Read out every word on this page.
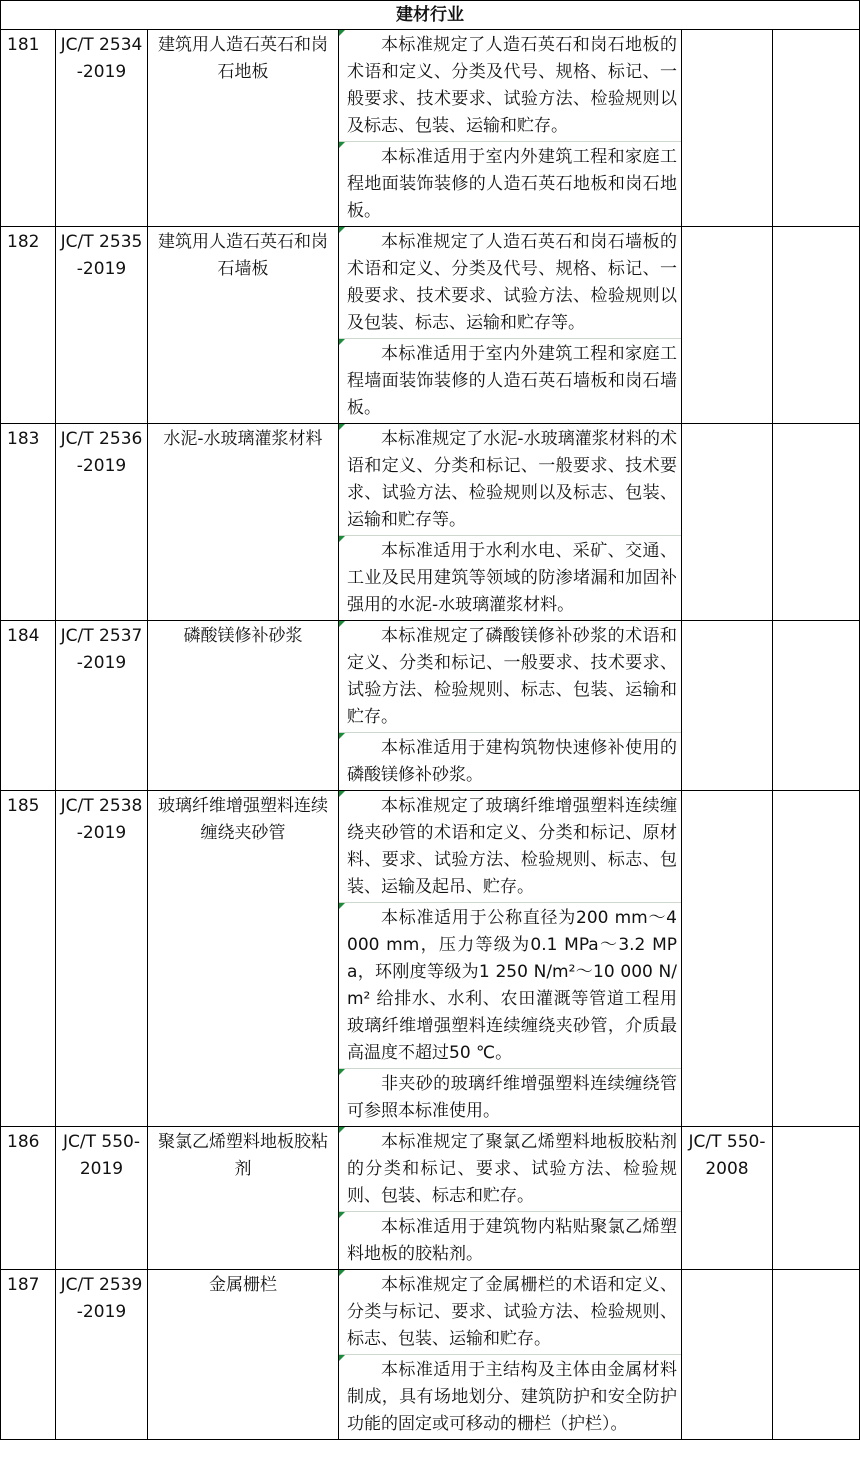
建材行业					
181	JC/T 2534-2019	建筑用人造石英石和岗石地板	本标准规定了人造石英石和岗石地板的术语和定义、分类及代号、规格、标记、一般要求、技术要求、试验方法、检验规则以及标志、包装、运输和贮存。
本标准适用于室内外建筑工程和家庭工程地面装饰装修的人造石英石地板和岗石地板。		

182	JC/T 2535-2019	建筑用人造石英石和岗石墙板	本标准规定了人造石英石和岗石墙板的术语和定义、分类及代号、规格、标记、一般要求、技术要求、试验方法、检验规则以及包装、标志、运输和贮存等。
本标准适用于室内外建筑工程和家庭工程墙面装饰装修的人造石英石墙板和岗石墙板。		

183	JC/T 2536-2019	水泥-水玻璃灌浆材料	本标准规定了水泥-水玻璃灌浆材料的术语和定义、分类和标记、一般要求、技术要求、试验方法、检验规则以及标志、包装、运输和贮存等。
本标准适用于水利水电、采矿、交通、工业及民用建筑等领域的防渗堵漏和加固补强用的水泥-水玻璃灌浆材料。		

184	JC/T 2537-2019	磷酸镁修补砂浆	本标准规定了磷酸镁修补砂浆的术语和定义、分类和标记、一般要求、技术要求、试验方法、检验规则、标志、包装、运输和贮存。
本标准适用于建构筑物快速修补使用的磷酸镁修补砂浆。		

185	JC/T 2538-2019	玻璃纤维增强塑料连续缠绕夹砂管	本标准规定了玻璃纤维增强塑料连续缠绕夹砂管的术语和定义、分类和标记、原材料、要求、试验方法、检验规则、标志、包装、运输及起吊、贮存。
本标准适用于公称直径为200 mm～4 000 mm，压力等级为0.1 MPa～3.2 MPa，环刚度等级为1 250 N/m²～10 000 N/m² 给排水、水利、农田灌溉等管道工程用玻璃纤维增强塑料连续缠绕夹砂管，介质最高温度不超过50 ℃。
非夹砂的玻璃纤维增强塑料连续缠绕管可参照本标准使用。		

186	JC/T 550-2019	聚氯乙烯塑料地板胶粘剂	本标准规定了聚氯乙烯塑料地板胶粘剂的分类和标记、要求、试验方法、检验规则、包装、标志和贮存。
本标准适用于建筑物内粘贴聚氯乙烯塑料地板的胶粘剂。	JC/T 550-2008	
187	JC/T 2539-2019	金属栅栏	本标准规定了金属栅栏的术语和定义、分类与标记、要求、试验方法、检验规则、标志、包装、运输和贮存。
本标准适用于主结构及主体由金属材料制成，具有场地划分、建筑防护和安全防护功能的固定或可移动的栅栏（护栏）。		
